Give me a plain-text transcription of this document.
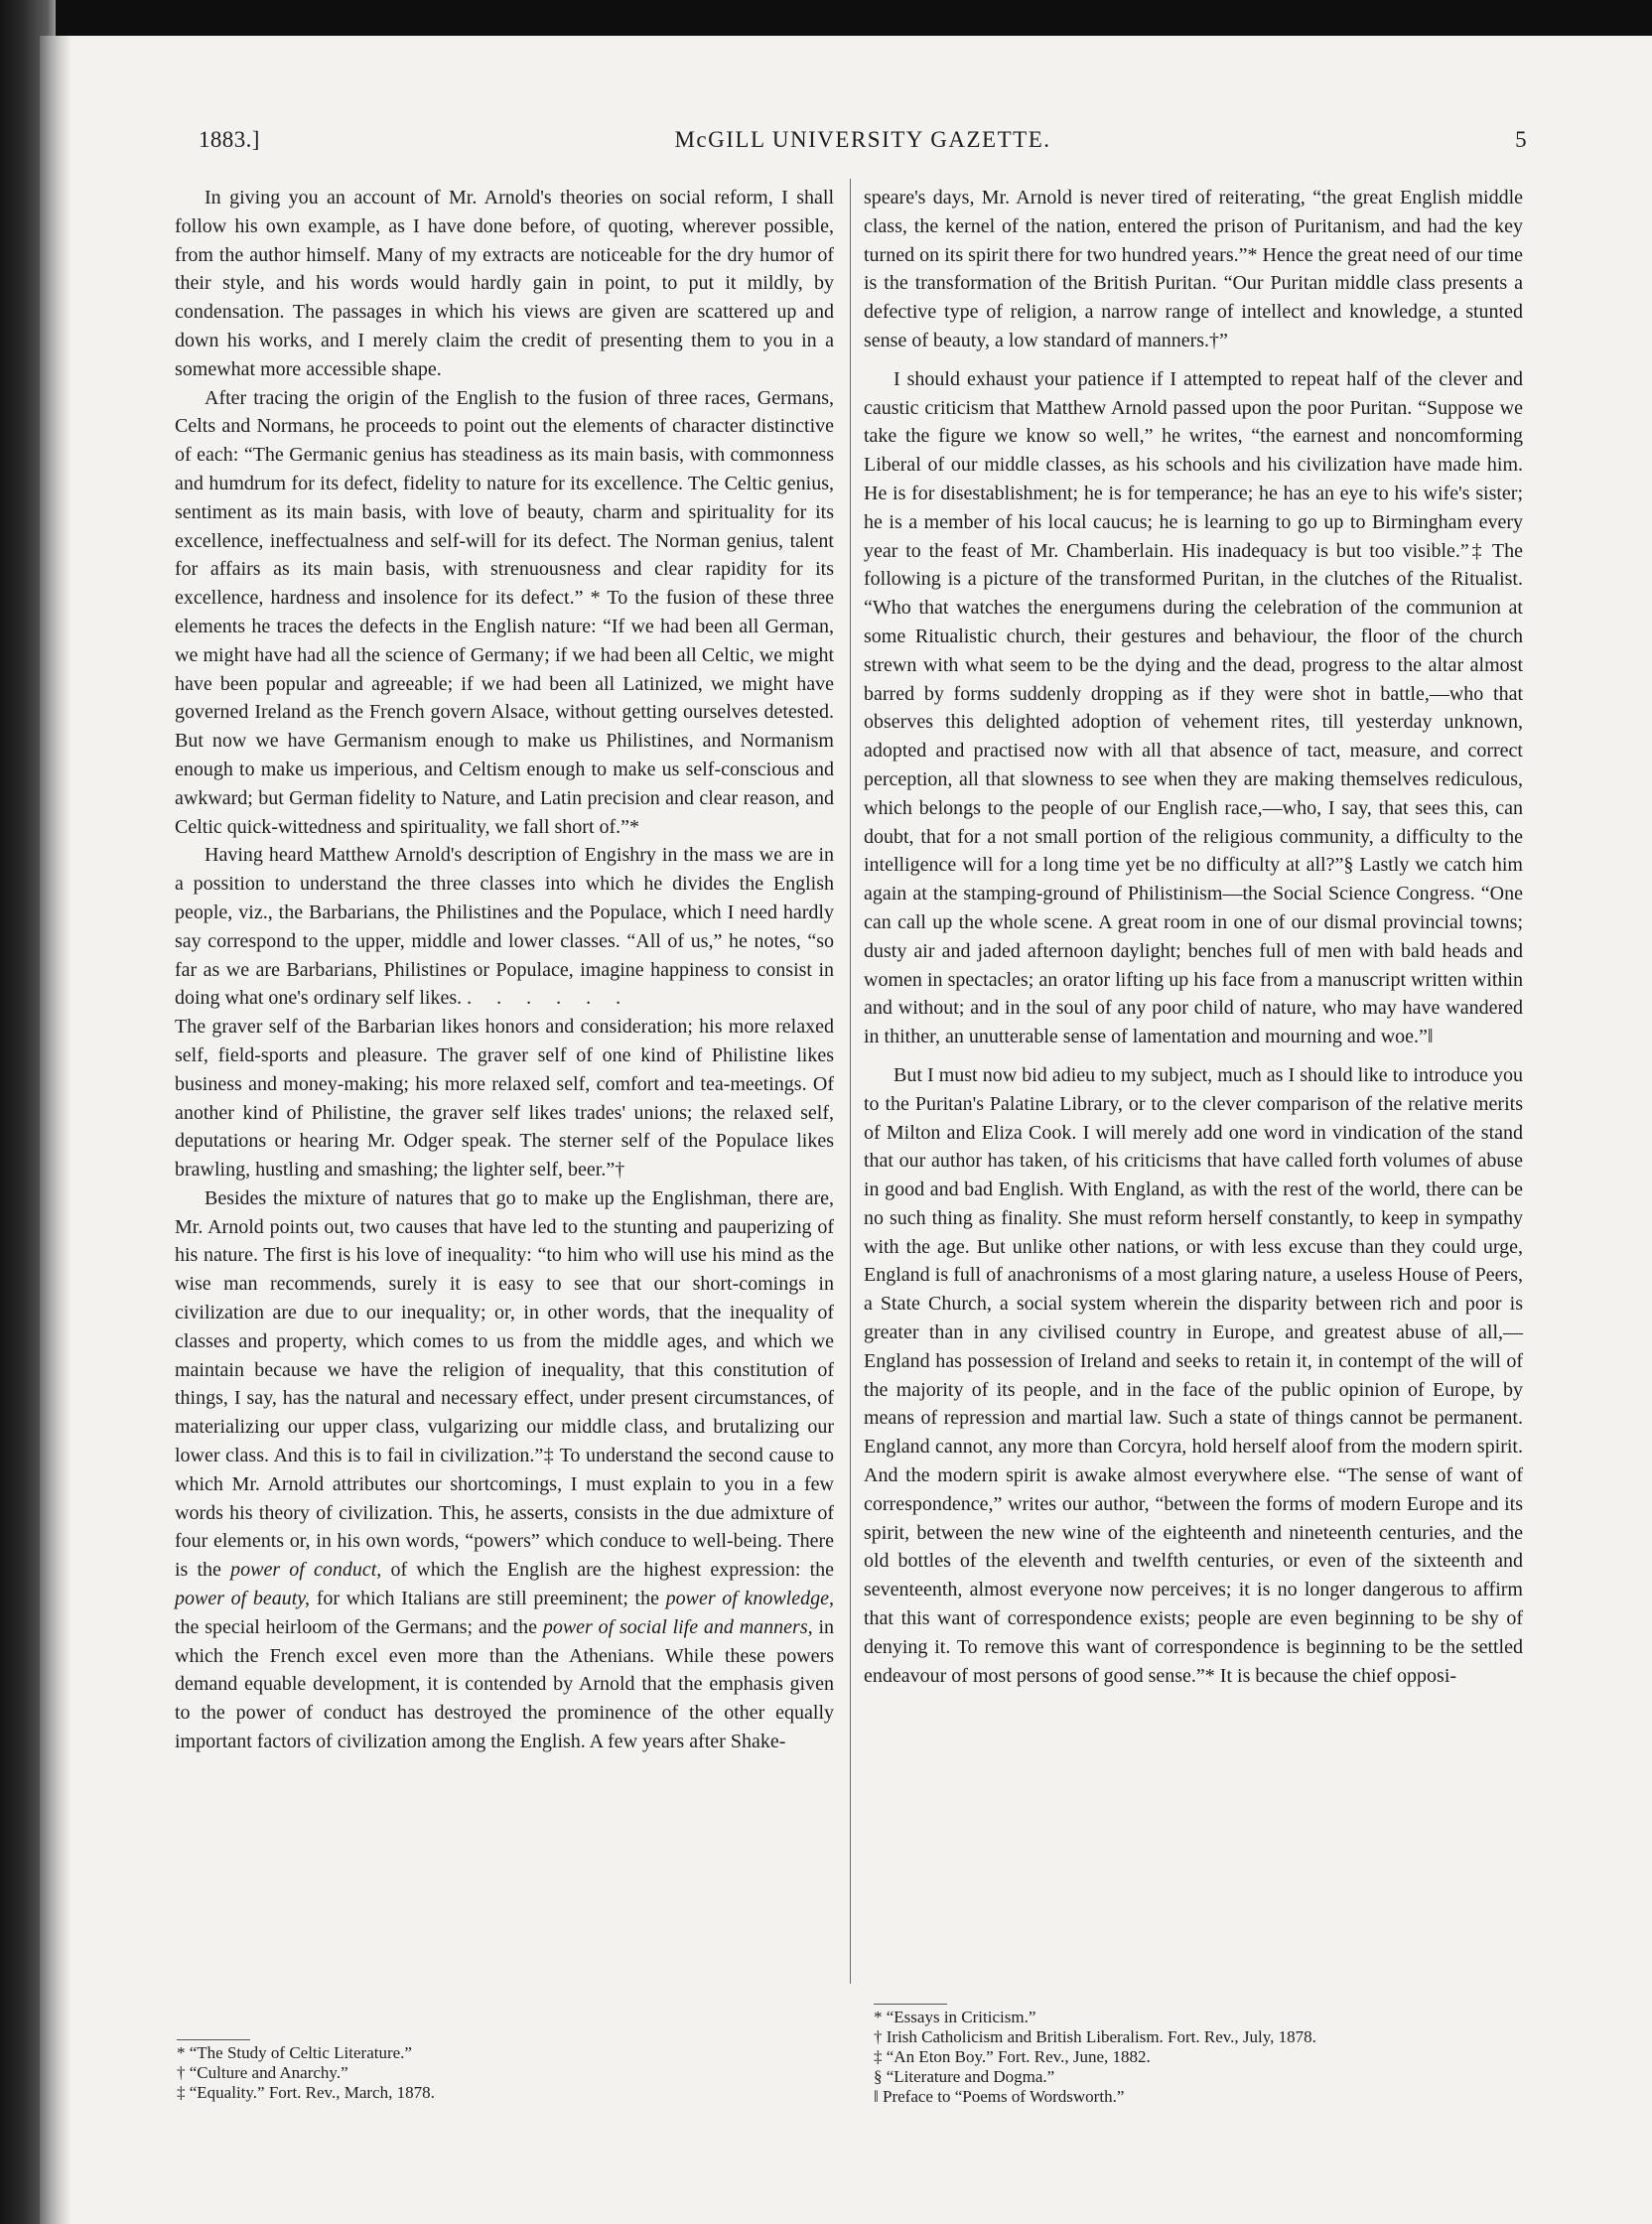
McGILL UNIVERSITY GAZETTE.
1883.]	5

In giving you an account of Mr. Arnold's theories on social reform, I shall follow his own example, as I have done before, of quoting, wherever possible, from the author himself. Many of my extracts are noticeable for the dry humor of their style, and his words would hardly gain in point, to put it mildly, by condensation. The passages in which his views are given are scattered up and down his works, and I merely claim the credit of presenting them to you in a somewhat more accessible shape.

After tracing the origin of the English to the fusion of three races, Germans, Celts and Normans, he proceeds to point out the elements of character distinctive of each: “The Germanic genius has steadiness as its main basis, with commonness and humdrum for its defect, fidelity to nature for its excellence. The Celtic genius, sentiment as its main basis, with love of beauty, charm and spirituality for its excellence, ineffectualness and self-will for its defect. The Norman genius, talent for affairs as its main basis, with strenuousness and clear rapidity for its excellence, hardness and insolence for its defect.” * To the fusion of these three elements he traces the defects in the English nature: “If we had been all German, we might have had all the science of Germany; if we had been all Celtic, we might have been popular and agreeable; if we had been all Latinized, we might have governed Ireland as the French govern Alsace, without getting ourselves detested. But now we have Germanism enough to make us Philistines, and Normanism enough to make us imperious, and Celtism enough to make us self-conscious and awkward; but German fidelity to Nature, and Latin precision and clear reason, and Celtic quick-wittedness and spirituality, we fall short of.”*

Having heard Matthew Arnold's description of Engishry in the mass we are in a possition to understand the three classes into which he divides the English people, viz., the Barbarians, the Philistines and the Populace, which I need hardly say correspond to the upper, middle and lower classes. “All of us,” he notes, “so far as we are Barbarians, Philistines or Populace, imagine happiness to consist in doing what one's ordinary self likes. . . . . . .

The graver self of the Barbarian likes honors and consideration; his more relaxed self, field-sports and pleasure. The graver self of one kind of Philistine likes business and money-making; his more relaxed self, comfort and tea-meetings. Of another kind of Philistine, the graver self likes trades' unions; the relaxed self, deputations or hearing Mr. Odger speak. The sterner self of the Populace likes brawling, hustling and smashing; the lighter self, beer.”†

Besides the mixture of natures that go to make up the Englishman, there are, Mr. Arnold points out, two causes that have led to the stunting and pauperizing of his nature. The first is his love of inequality: “to him who will use his mind as the wise man recommends, surely it is easy to see that our short-comings in civilization are due to our inequality; or, in other words, that the inequality of classes and property, which comes to us from the middle ages, and which we maintain because we have the religion of inequality, that this constitution of things, I say, has the natural and necessary effect, under present circumstances, of materializing our upper class, vulgarizing our middle class, and brutalizing our lower class. And this is to fail in civilization.”‡ To understand the second cause to which Mr. Arnold attributes our shortcomings, I must explain to you in a few words his theory of civilization. This, he asserts, consists in the due admixture of four elements or, in his own words, “powers” which conduce to well-being. There is the power of conduct, of which the English are the highest expression: the power of beauty, for which Italians are still preeminent; the power of knowledge, the special heirloom of the Germans; and the power of social life and manners, in which the French excel even more than the Athenians. While these powers demand equable development, it is contended by Arnold that the emphasis given to the power of conduct has destroyed the prominence of the other equally important factors of civilization among the English. A few years after Shake-

speare's days, Mr. Arnold is never tired of reiterating, “the great English middle class, the kernel of the nation, entered the prison of Puritanism, and had the key turned on its spirit there for two hundred years.”* Hence the great need of our time is the transformation of the British Puritan. “Our Puritan middle class presents a defective type of religion, a narrow range of intellect and knowledge, a stunted sense of beauty, a low standard of manners.†”

I should exhaust your patience if I attempted to repeat half of the clever and caustic criticism that Matthew Arnold passed upon the poor Puritan. “Suppose we take the figure we know so well,” he writes, “the earnest and noncomforming Liberal of our middle classes, as his schools and his civilization have made him. He is for disestablishment; he is for temperance; he has an eye to his wife's sister; he is a member of his local caucus; he is learning to go up to Birmingham every year to the feast of Mr. Chamberlain. His inadequacy is but too visible.”‡ The following is a picture of the transformed Puritan, in the clutches of the Ritualist. “Who that watches the energumens during the celebration of the communion at some Ritualistic church, their gestures and behaviour, the floor of the church strewn with what seem to be the dying and the dead, progress to the altar almost barred by forms suddenly dropping as if they were shot in battle,—who that observes this delighted adoption of vehement rites, till yesterday unknown, adopted and practised now with all that absence of tact, measure, and correct perception, all that slowness to see when they are making themselves rediculous, which belongs to the people of our English race,—who, I say, that sees this, can doubt, that for a not small portion of the religious community, a difficulty to the intelligence will for a long time yet be no difficulty at all?”§ Lastly we catch him again at the stamping-ground of Philistinism—the Social Science Congress. “One can call up the whole scene. A great room in one of our dismal provincial towns; dusty air and jaded afternoon daylight; benches full of men with bald heads and women in spectacles; an orator lifting up his face from a manuscript written within and without; and in the soul of any poor child of nature, who may have wandered in thither, an unutterable sense of lamentation and mourning and woe.”‖

But I must now bid adieu to my subject, much as I should like to introduce you to the Puritan's Palatine Library, or to the clever comparison of the relative merits of Milton and Eliza Cook. I will merely add one word in vindication of the stand that our author has taken, of his criticisms that have called forth volumes of abuse in good and bad English. With England, as with the rest of the world, there can be no such thing as finality. She must reform herself constantly, to keep in sympathy with the age. But unlike other nations, or with less excuse than they could urge, England is full of anachronisms of a most glaring nature, a useless House of Peers, a State Church, a social system wherein the disparity between rich and poor is greater than in any civilised country in Europe, and greatest abuse of all,—England has possession of Ireland and seeks to retain it, in contempt of the will of the majority of its people, and in the face of the public opinion of Europe, by means of repression and martial law. Such a state of things cannot be permanent. England cannot, any more than Corcyra, hold herself aloof from the modern spirit. And the modern spirit is awake almost everywhere else. “The sense of want of correspondence,” writes our author, “between the forms of modern Europe and its spirit, between the new wine of the eighteenth and nineteenth centuries, and the old bottles of the eleventh and twelfth centuries, or even of the sixteenth and seventeenth, almost everyone now perceives; it is no longer dangerous to affirm that this want of correspondence exists; people are even beginning to be shy of denying it. To remove this want of correspondence is beginning to be the settled endeavour of most persons of good sense.”* It is because the chief opposi-

* “The Study of Celtic Literature.”
† “Culture and Anarchy.”
‡ “Equality.” Fort. Rev., March, 1878.
* “Essays in Criticism.”
† Irish Catholicism and British Liberalism. Fort. Rev., July, 1878.
‡ “An Eton Boy.” Fort. Rev., June, 1882.
§ “Literature and Dogma.”
‖ Preface to “Poems of Wordsworth.”
